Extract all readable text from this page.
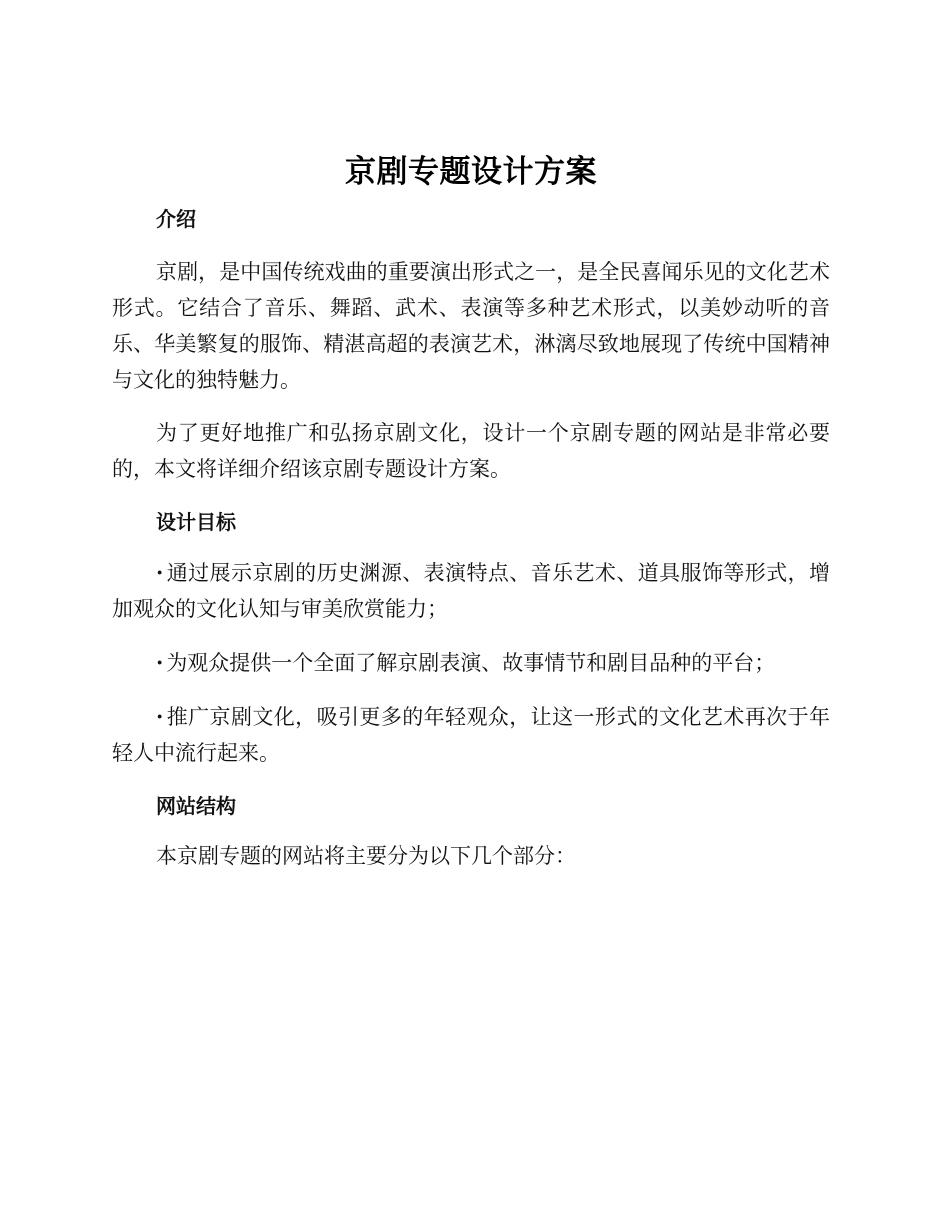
京剧专题设计方案
介绍

京剧，是中国传统戏曲的重要演出形式之一，是全民喜闻乐见的文化艺术形式。它结合了音乐、舞蹈、武术、表演等多种艺术形式，以美妙动听的音乐、华美繁复的服饰、精湛高超的表演艺术，淋漓尽致地展现了传统中国精神与文化的独特魅力。

为了更好地推广和弘扬京剧文化，设计一个京剧专题的网站是非常必要的，本文将详细介绍该京剧专题设计方案。

设计目标

· 通过展示京剧的历史渊源、表演特点、音乐艺术、道具服饰等形式，增加观众的文化认知与审美欣赏能力；

· 为观众提供一个全面了解京剧表演、故事情节和剧目品种的平台；

· 推广京剧文化，吸引更多的年轻观众，让这一形式的文化艺术再次于年轻人中流行起来。

网站结构

本京剧专题的网站将主要分为以下几个部分：
